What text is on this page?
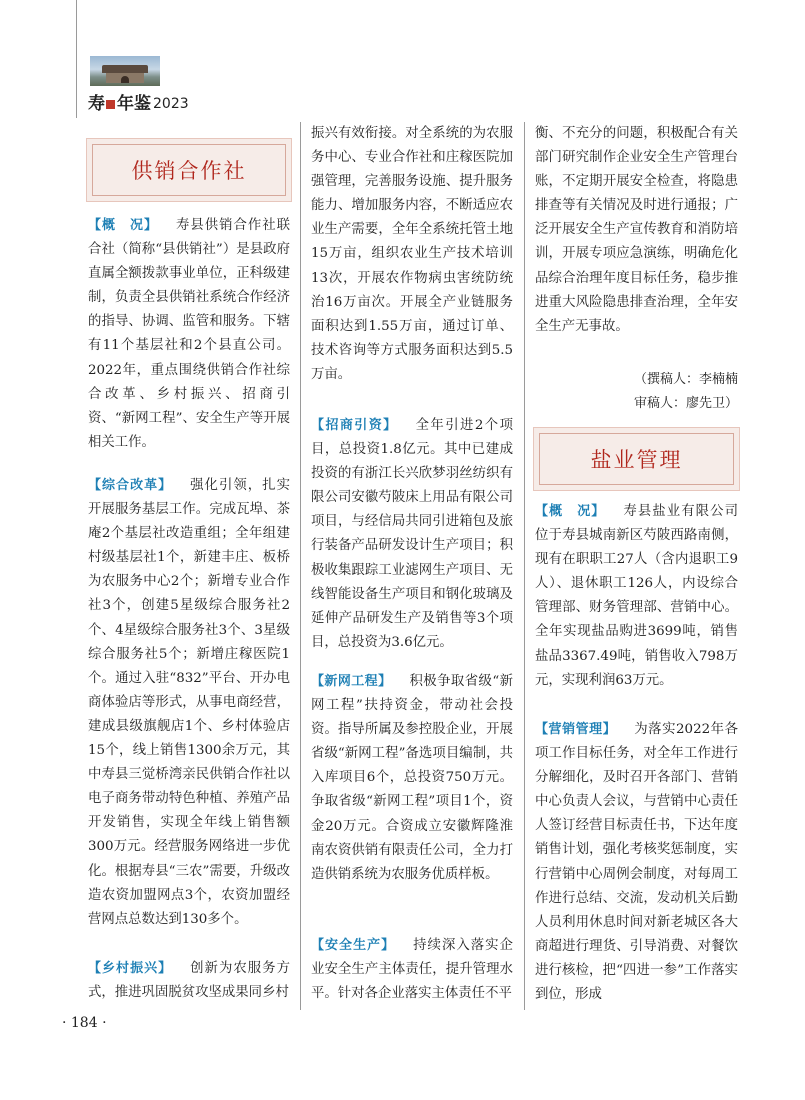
寿 年鉴 2023
供销合作社

【 概　况 】 寿县供销合作社联合社（简称“县供销社”）是县政府直属全额拨款事业单位，正科级建制，负责全县供销社系统合作经济的指导、协调、监管和服务。下辖有11个基层社和2个县直公司。2022年，重点围绕供销合作社综合改革、乡村振兴、招商引资、“新网工程”、安全生产等开展相关工作。

【 综合改革 】 强化引领，扎实开展服务基层工作。完成瓦埠、茶庵2个基层社改造重组；全年组建村级基层社1个，新建丰庄、板桥为农服务中心2个；新增专业合作社3个，创建5星级综合服务社2个、4星级综合服务社3个、3星级综合服务社5个；新增庄稼医院1个。通过入驻“832”平台、开办电商体验店等形式，从事电商经营，建成县级旗舰店1个、乡村体验店15个，线上销售1300余万元，其中寿县三觉桥湾亲民供销合作社以电子商务带动特色种植、养殖产品开发销售，实现全年线上销售额300万元。经营服务网络进一步优化。根据寿县“三农”需要，升级改造农资加盟网点3个，农资加盟经营网点总数达到130多个。

【 乡村振兴 】 创新为农服务方式，推进巩固脱贫攻坚成果同乡村

【 招商引资 】 全年引进2个项目，总投资1.8亿元。其中已建成投资的有浙江长兴欣梦羽丝纺织有限公司安徽芍陂床上用品有限公司项目，与经信局共同引进箱包及旅行装备产品研发设计生产项目；积极收集跟踪工业滤网生产项目、无线智能设备生产项目和钢化玻璃及延伸产品研发生产及销售等3个项目，总投资为3.6亿元。

【 新网工程 】 积极争取省级“新网工程”扶持资金，带动社会投资。指导所属及参控股企业，开展省级“新网工程”备选项目编制，共入库项目6个，总投资750万元。争取省级“新网工程”项目1个，资金20万元。合资成立安徽辉隆淮南农资供销有限责任公司，全力打造供销系统为农服务优质样板。

【 安全生产 】 持续深入落实企业安全生产主体责任，提升管理水平。针对各企业落实主体责任不平

（撰稿人：李楠楠
审稿人：廖先卫）
盐业管理

【 概　况 】 寿县盐业有限公司位于寿县城南新区芍陂西路南侧，现有在职职工27人（含内退职工9人）、退休职工126人，内设综合管理部、财务管理部、营销中心。全年实现盐品购进3699吨，销售盐品3367.49吨，销售收入798万元，实现利润63万元。

【 营销管理 】 为落实2022年各项工作目标任务，对全年工作进行分解细化，及时召开各部门、营销中心负责人会议，与营销中心责任人签订经营目标责任书，下达年度销售计划，强化考核奖惩制度，实行营销中心周例会制度，对每周工作进行总结、交流，发动机关后勤人员利用休息时间对新老城区各大商超进行理货、引导消费、对餐饮进行核检，把“四进一参”工作落实到位，形成

· 184 ·

振兴有效衔接。对全系统的为农服务中心、专业合作社和庄稼医院加强管理，完善服务设施、提升服务能力、增加服务内容，不断适应农业生产需要，全年全系统托管土地15万亩，组织农业生产技术培训13次，开展农作物病虫害统防统治16万亩次。开展全产业链服务面积达到1.55万亩，通过订单、技术咨询等方式服务面积达到5.5万亩。

衡、不充分的问题，积极配合有关部门研究制作企业安全生产管理台账，不定期开展安全检查，将隐患排查等有关情况及时进行通报；广泛开展安全生产宣传教育和消防培训，开展专项应急演练，明确危化品综合治理年度目标任务，稳步推进重大风险隐患排查治理，全年安全生产无事故。
